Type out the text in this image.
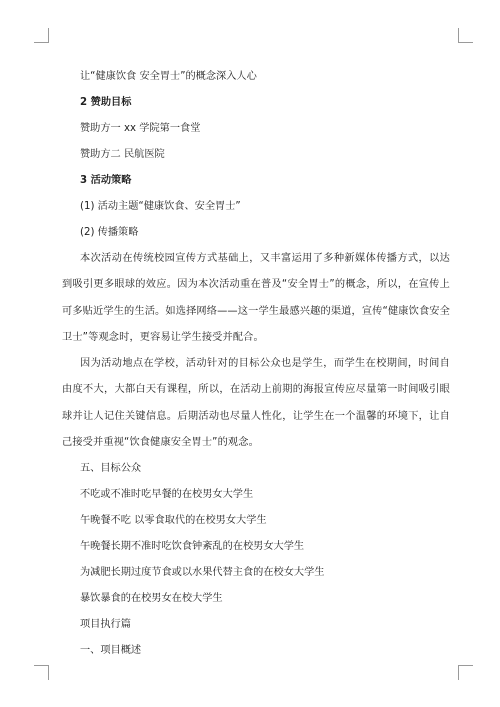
让“健康饮食 安全胃士”的概念深入人心
2 赞助目标
赞助方一 xx 学院第一食堂
赞助方二 民航医院
3 活动策略
(1) 活动主题“健康饮食、安全胃士”
(2) 传播策略

本次活动在传统校园宣传方式基础上，又丰富运用了多种新媒体传播方式，以达到吸引更多眼球的效应。因为本次活动重在普及“安全胃士”的概念，所以，在宣传上可多贴近学生的生活。如选择网络——这一学生最感兴趣的渠道，宣传“健康饮食安全卫士”等观念时，更容易让学生接受并配合。

因为活动地点在学校，活动针对的目标公众也是学生，而学生在校期间，时间自由度不大，大都白天有课程，所以，在活动上前期的海报宣传应尽量第一时间吸引眼球并让人记住关键信息。后期活动也尽量人性化，让学生在一个温馨的环境下，让自己接受并重视“饮食健康安全胃士”的观念。

五、目标公众
不吃或不准时吃早餐的在校男女大学生
午晚餐不吃 以零食取代的在校男女大学生
午晚餐长期不准时吃饮食钟紊乱的在校男女大学生
为减肥长期过度节食或以水果代替主食的在校女大学生
暴饮暴食的在校男女在校大学生
项目执行篇
一、项目概述
